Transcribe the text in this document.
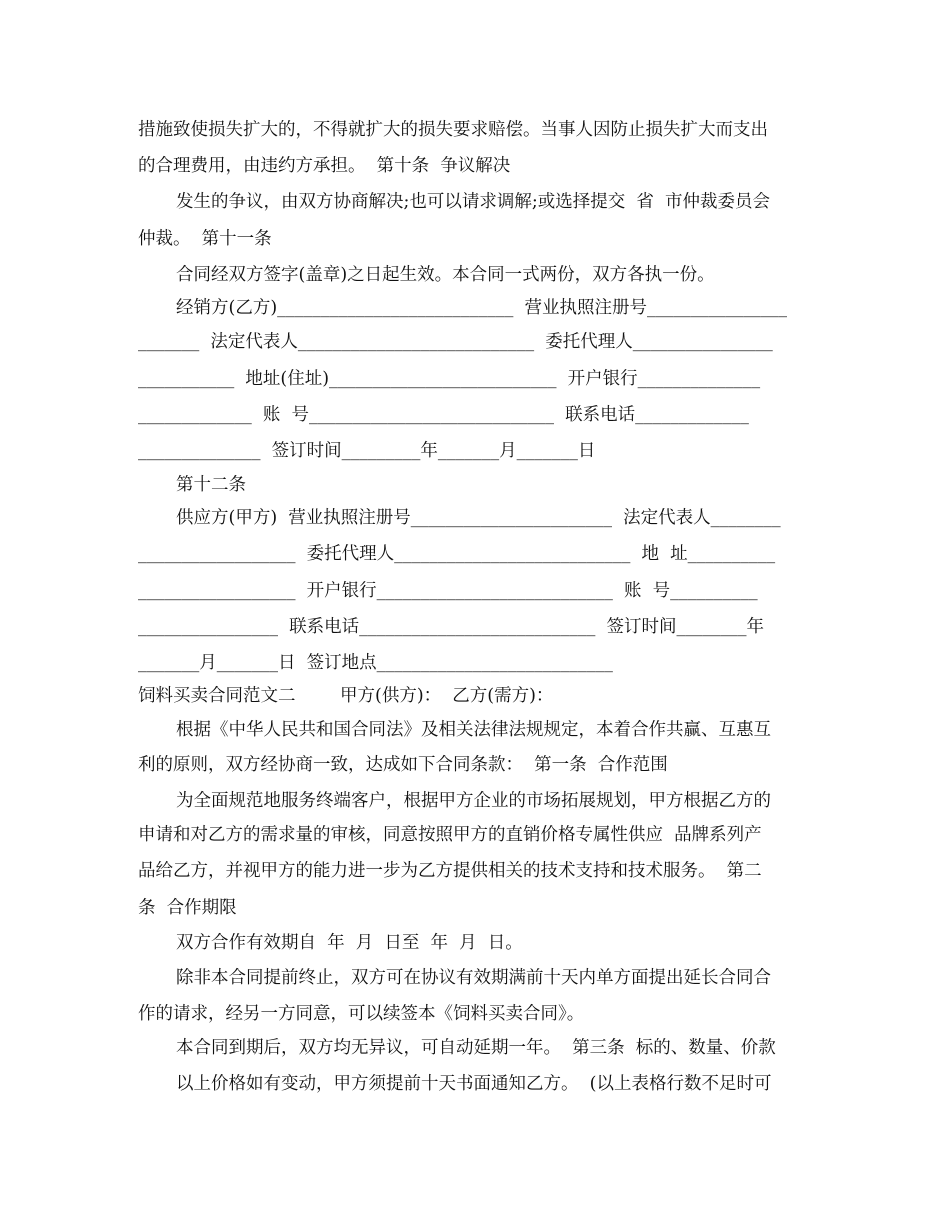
措施致使损失扩大的，不得就扩大的损失要求赔偿。当事人因防止损失扩大而支出
的合理费用，由违约方承担。  第十条  争议解决
发生的争议，由双方协商解决;也可以请求调解;或选择提交  省  市仲裁委员会
仲裁。  第十一条
合同经双方签字(盖章)之日起生效。本合同一式两份，双方各执一份。
经销方(乙方)___________________________  营业执照注册号________________
_______  法定代表人___________________________  委托代理人________________
___________  地址(住址)__________________________  开户银行______________
_____________  账  号____________________________  联系电话_____________
______________  签订时间_________年_______月_______日
第十二条
供应方(甲方)  营业执照注册号_______________________  法定代表人________
__________________  委托代理人___________________________  地  址__________
__________________  开户银行___________________________  账  号__________
________________  联系电话___________________________  签订时间________年
_______月_______日  签订地点___________________________
饲料买卖合同范文二        甲方(供方)：  乙方(需方)：
根据《中华人民共和国合同法》及相关法律法规规定，本着合作共赢、互惠互
利的原则，双方经协商一致，达成如下合同条款：  第一条  合作范围
为全面规范地服务终端客户，根据甲方企业的市场拓展规划，甲方根据乙方的
申请和对乙方的需求量的审核，同意按照甲方的直销价格专属性供应  品牌系列产
品给乙方，并视甲方的能力进一步为乙方提供相关的技术支持和技术服务。  第二
条  合作期限
双方合作有效期自  年  月  日至  年  月  日。
除非本合同提前终止，双方可在协议有效期满前十天内单方面提出延长合同合
作的请求，经另一方同意，可以续签本《饲料买卖合同》。
本合同到期后，双方均无异议，可自动延期一年。  第三条  标的、数量、价款
以上价格如有变动，甲方须提前十天书面通知乙方。  (以上表格行数不足时可
